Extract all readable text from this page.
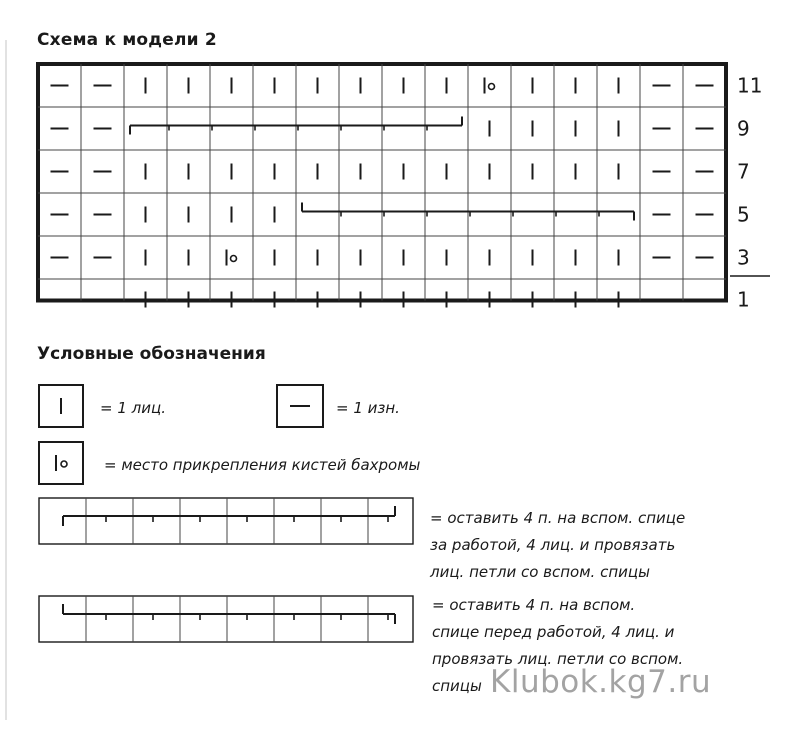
Схема к модели 2
11
9
7
5
3
1
Условные обозначения
= 1 лиц.	= 1 изн.
= место прикрепления кистей бахромы
= оставить 4 п. на вспом. спице
за работой, 4 лиц. и провязать
лиц. петли со вспом. спицы
= оставить 4 п. на вспом.
спице перед работой, 4 лиц. и
провязать лиц. петли со вспом.
спицы Klubok.kg7.ru
